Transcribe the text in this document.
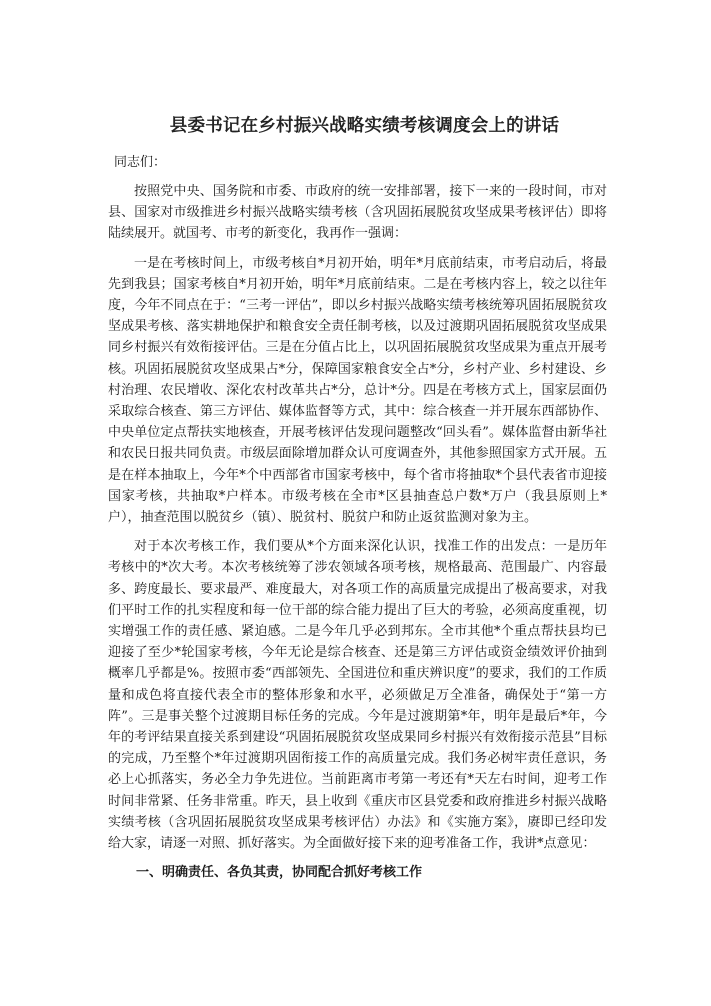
县委书记在乡村振兴战略实绩考核调度会上的讲话

同志们：

按照党中央、国务院和市委、市政府的统一安排部署，接下一来的一段时间，市对县、国家对市级推进乡村振兴战略实绩考核（含巩固拓展脱贫攻坚成果考核评估）即将陆续展开。就国考、市考的新变化，我再作一强调：

一是在考核时间上，市级考核自*月初开始，明年*月底前结束，市考启动后，将最先到我县；国家考核自*月初开始，明年*月底前结束。二是在考核内容上，较之以往年度，今年不同点在于：“三考一评估”，即以乡村振兴战略实绩考核统筹巩固拓展脱贫攻坚成果考核、落实耕地保护和粮食安全责任制考核，以及过渡期巩固拓展脱贫攻坚成果同乡村振兴有效衔接评估。三是在分值占比上，以巩固拓展脱贫攻坚成果为重点开展考核。巩固拓展脱贫攻坚成果占*分，保障国家粮食安全占*分，乡村产业、乡村建设、乡村治理、农民增收、深化农村改革共占*分，总计*分。四是在考核方式上，国家层面仍采取综合核查、第三方评估、媒体监督等方式，其中：综合核查一并开展东西部协作、中央单位定点帮扶实地核查，开展考核评估发现问题整改“回头看”。媒体监督由新华社和农民日报共同负责。市级层面除增加群众认可度调查外，其他参照国家方式开展。五是在样本抽取上，今年*个中西部省市国家考核中，每个省市将抽取*个县代表省市迎接国家考核，共抽取*户样本。市级考核在全市*区县抽查总户数*万户（我县原则上*户），抽查范围以脱贫乡（镇）、脱贫村、脱贫户和防止返贫监测对象为主。

对于本次考核工作，我们要从*个方面来深化认识，找准工作的出发点：一是历年考核中的*次大考。本次考核统筹了涉农领域各项考核，规格最高、范围最广、内容最多、跨度最长、要求最严、难度最大，对各项工作的高质量完成提出了极高要求，对我们平时工作的扎实程度和每一位干部的综合能力提出了巨大的考验，必须高度重视，切实增强工作的责任感、紧迫感。二是今年几乎必到邦东。全市其他*个重点帮扶县均已迎接了至少*轮国家考核，今年无论是综合核查、还是第三方评估或资金绩效评价抽到概率几乎都是%。按照市委“西部领先、全国进位和重庆辨识度”的要求，我们的工作质量和成色将直接代表全市的整体形象和水平，必须做足万全准备，确保处于“第一方阵”。三是事关整个过渡期目标任务的完成。今年是过渡期第*年，明年是最后*年，今年的考评结果直接关系到建设“巩固拓展脱贫攻坚成果同乡村振兴有效衔接示范县”目标的完成，乃至整个*年过渡期巩固衔接工作的高质量完成。我们务必树牢责任意识，务必上心抓落实，务必全力争先进位。当前距离市考第一考还有*天左右时间，迎考工作时间非常紧、任务非常重。昨天，县上收到《重庆市区县党委和政府推进乡村振兴战略实绩考核（含巩固拓展脱贫攻坚成果考核评估）办法》和《实施方案》，赓即已经印发给大家，请逐一对照、抓好落实。为全面做好接下来的迎考准备工作，我讲*点意见：

一、明确责任、各负其责，协同配合抓好考核工作
